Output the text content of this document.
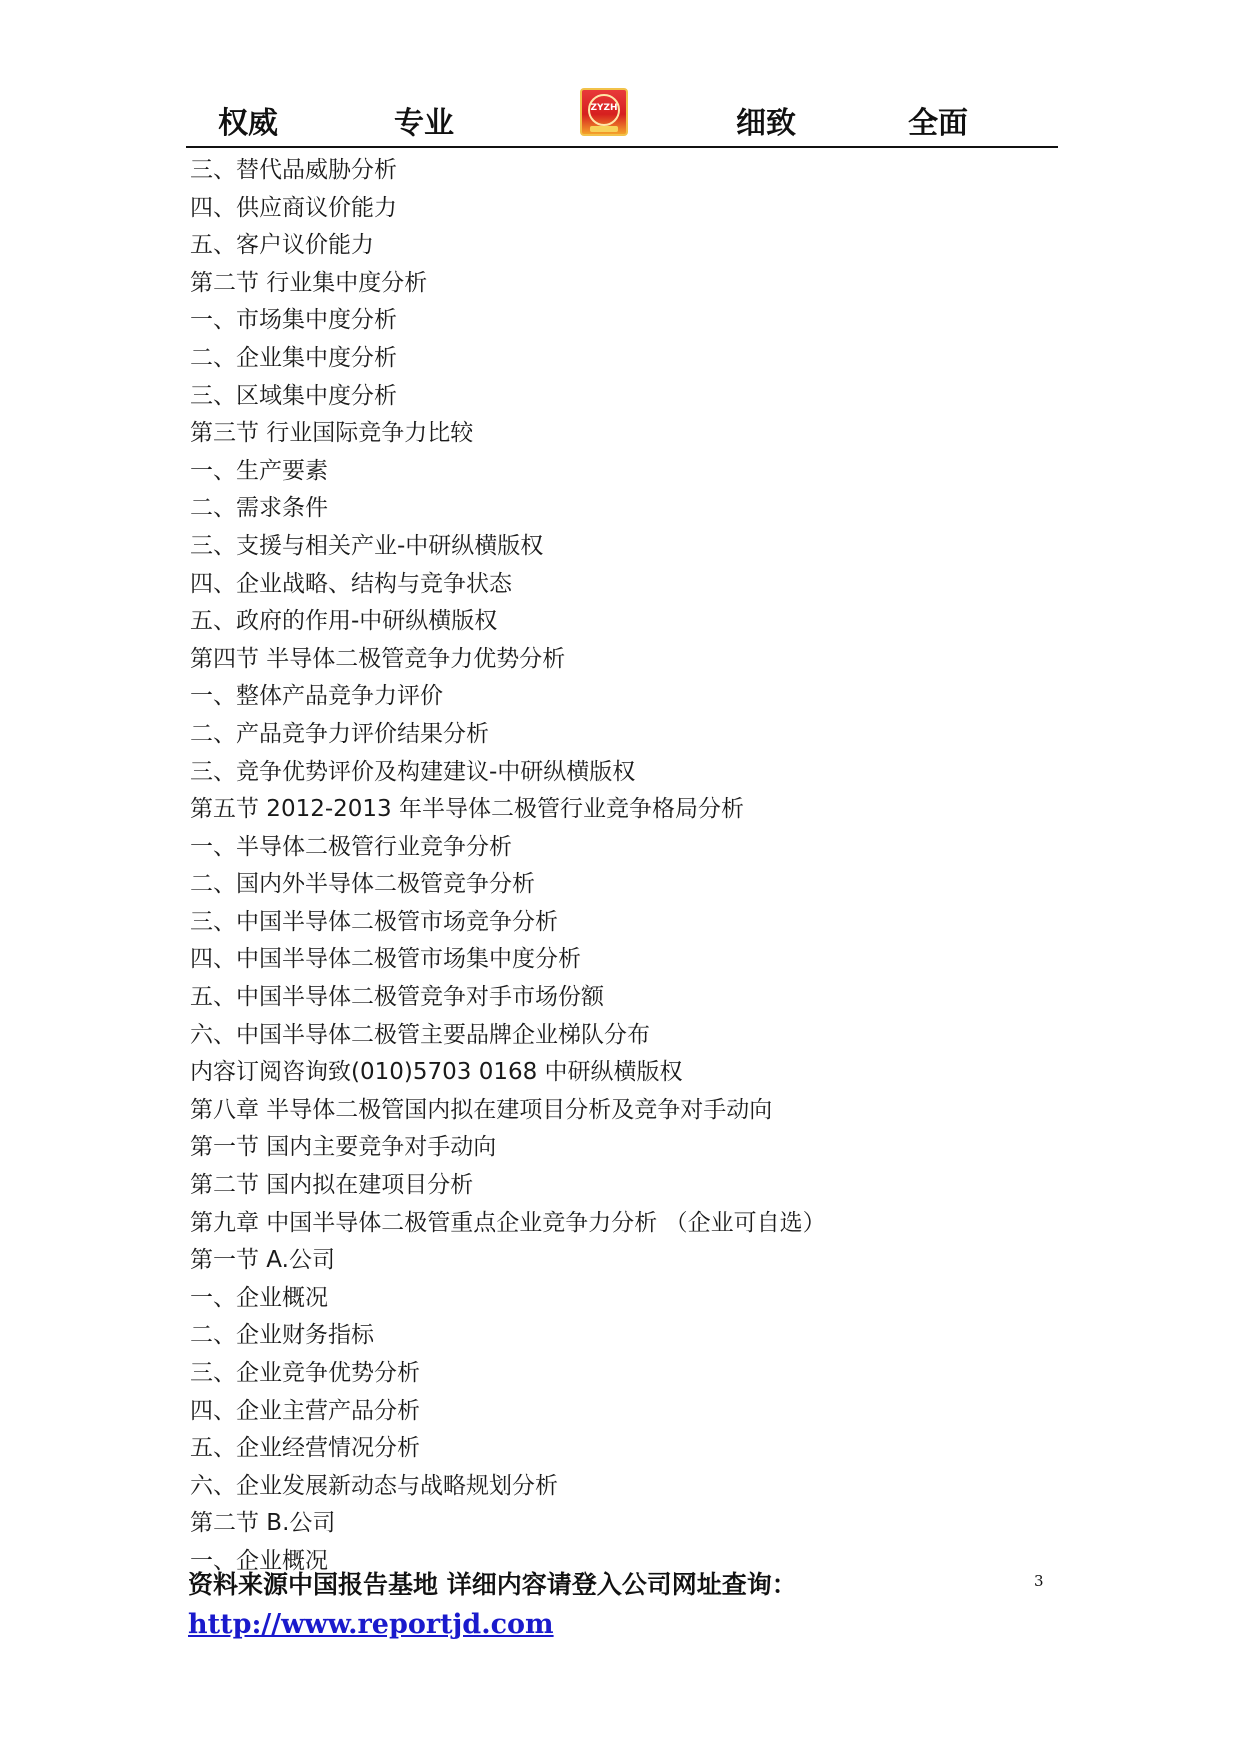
权威	专业	ZYZH	细致	全面
三、替代品威胁分析
四、供应商议价能力
五、客户议价能力
第二节 行业集中度分析
一、市场集中度分析
二、企业集中度分析
三、区域集中度分析
第三节 行业国际竞争力比较
一、生产要素
二、需求条件
三、支援与相关产业-中研纵横版权
四、企业战略、结构与竞争状态
五、政府的作用-中研纵横版权
第四节 半导体二极管竞争力优势分析
一、整体产品竞争力评价
二、产品竞争力评价结果分析
三、竞争优势评价及构建建议-中研纵横版权
第五节 2012-2013 年半导体二极管行业竞争格局分析
一、半导体二极管行业竞争分析
二、国内外半导体二极管竞争分析
三、中国半导体二极管市场竞争分析
四、中国半导体二极管市场集中度分析
五、中国半导体二极管竞争对手市场份额
六、中国半导体二极管主要品牌企业梯队分布
内容订阅咨询致(010)5703 0168 中研纵横版权
第八章 半导体二极管国内拟在建项目分析及竞争对手动向
第一节 国内主要竞争对手动向
第二节 国内拟在建项目分析
第九章 中国半导体二极管重点企业竞争力分析 （企业可自选）
第一节 A.公司
一、企业概况
二、企业财务指标
三、企业竞争优势分析
四、企业主营产品分析
五、企业经营情况分析
六、企业发展新动态与战略规划分析
第二节 B.公司
一、企业概况
资料来源中国报告基地 详细内容请登入公司网址查询：
http://www.reportjd.com
3
